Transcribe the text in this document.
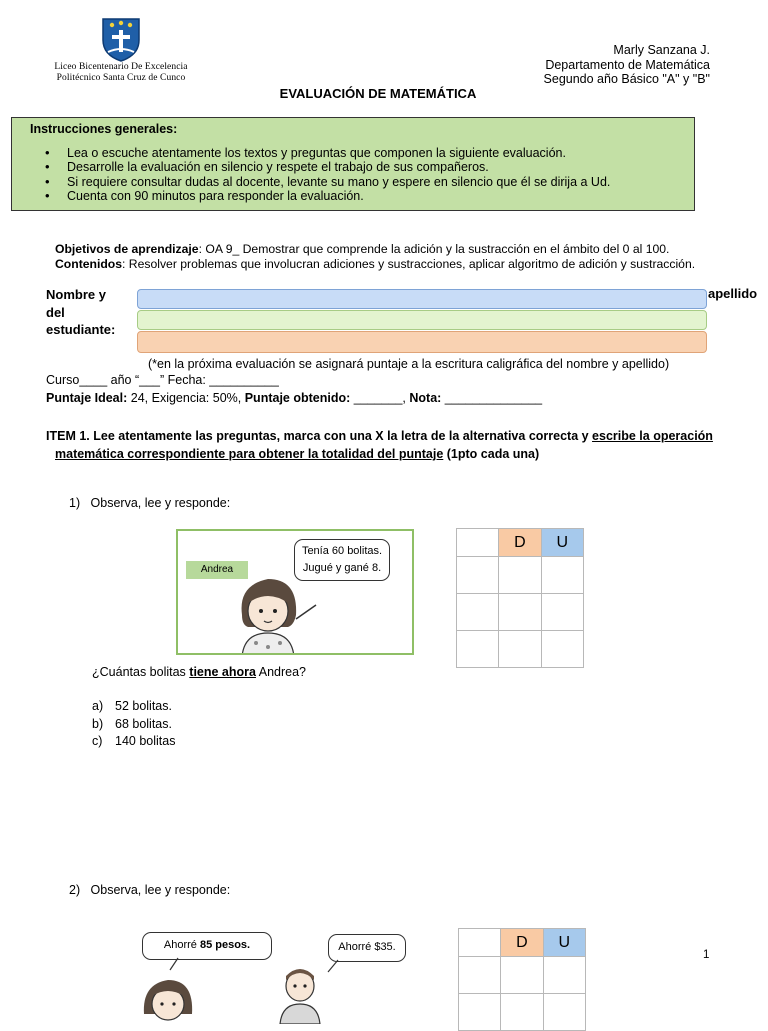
Liceo Bicentenario De Excelencia
Politécnico Santa Cruz de Cunco
Marly Sanzana J.
Departamento de Matemática
Segundo año Básico "A" y "B"
EVALUACIÓN DE MATEMÁTICA
Instrucciones generales:
• Lea o escuche atentamente los textos y preguntas que componen la siguiente evaluación.
• Desarrolle la evaluación en silencio y respete el trabajo de sus compañeros.
• Si requiere consultar dudas al docente, levante su mano y espere en silencio que él se dirija a Ud.
• Cuenta con 90 minutos para responder la evaluación.
Objetivos de aprendizaje: OA 9_ Demostrar que comprende la adición y la sustracción en el ámbito del 0 al 100.
Contenidos: Resolver problemas que involucran adiciones y sustracciones, aplicar algoritmo de adición y sustracción.
Nombre y
del
estudiante:
apellido
(*en la próxima evaluación se asignará puntaje a la escritura caligráfica del nombre y apellido)
Curso____ año “___” Fecha: __________
Puntaje Ideal: 24, Exigencia: 50%, Puntaje obtenido: _______, Nota: ______________
ITEM 1. Lee atentamente las preguntas, marca con una X la letra de la alternativa correcta y escribe la operación
matemática correspondiente para obtener la totalidad del puntaje (1pto cada una)
1) Observa, lee y responde:
Andrea
Tenía 60 bolitas.
Jugué y gané 8.
	D	U

¿Cuántas bolitas tiene ahora Andrea?
a) 52 bolitas.
b) 68 bolitas.
c) 140 bolitas
2) Observa, lee y responde:
Ahorré 85 pesos.	Ahorré $35.
		D	U

1
